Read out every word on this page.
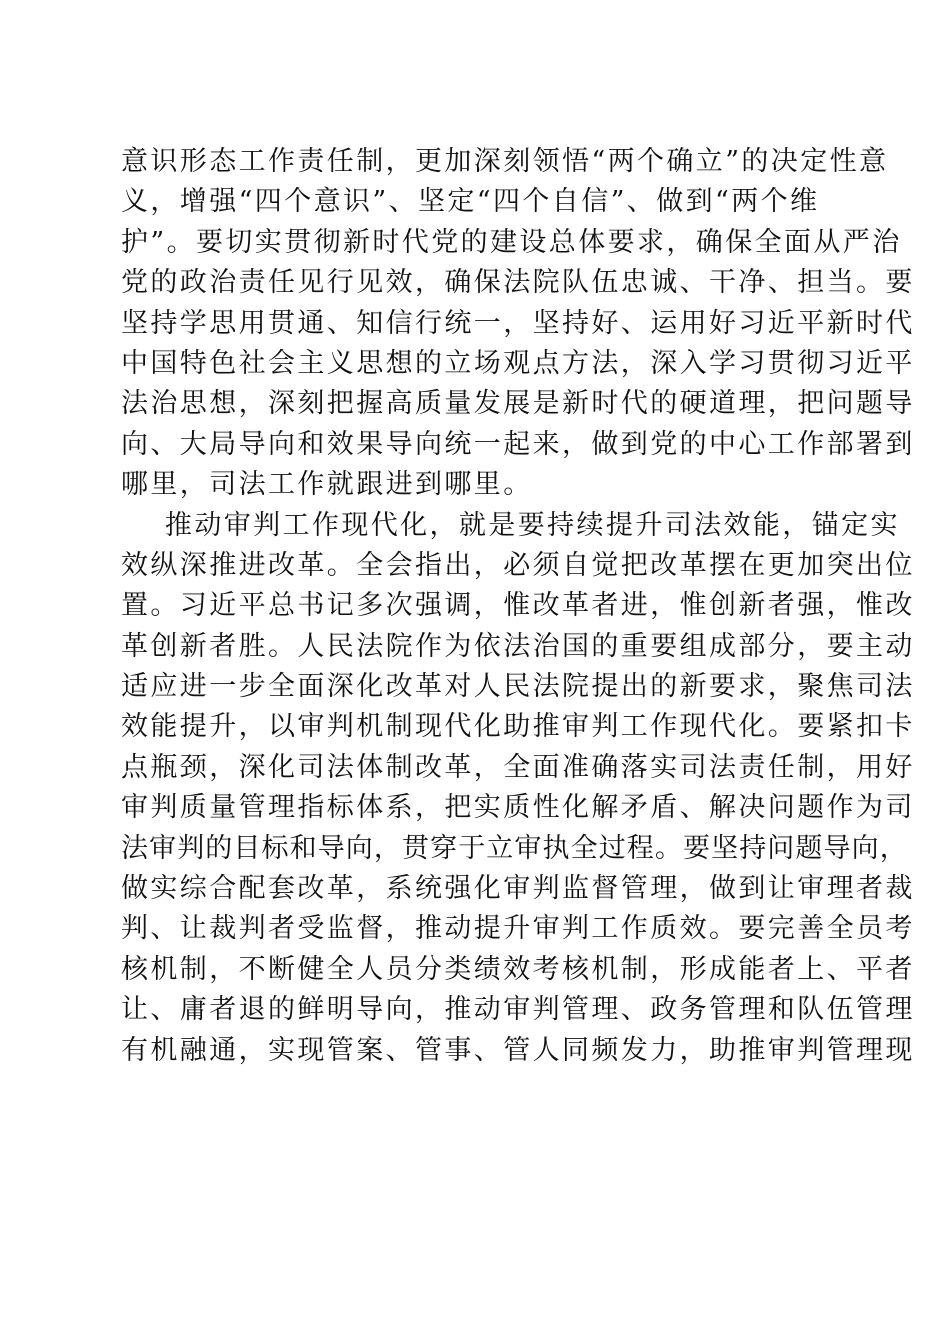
意识形态工作责任制，更加深刻领悟“两个确立”的决定性意
义，增强“四个意识”、坚定“四个自信”、做到“两个维
护”。要切实贯彻新时代党的建设总体要求，确保全面从严治
党的政治责任见行见效，确保法院队伍忠诚、干净、担当。要
坚持学思用贯通、知信行统一，坚持好、运用好习近平新时代
中国特色社会主义思想的立场观点方法，深入学习贯彻习近平
法治思想，深刻把握高质量发展是新时代的硬道理，把问题导
向、大局导向和效果导向统一起来，做到党的中心工作部署到
哪里，司法工作就跟进到哪里。
推动审判工作现代化，就是要持续提升司法效能，锚定实
效纵深推进改革。全会指出，必须自觉把改革摆在更加突出位
置。习近平总书记多次强调，惟改革者进，惟创新者强，惟改
革创新者胜。人民法院作为依法治国的重要组成部分，要主动
适应进一步全面深化改革对人民法院提出的新要求，聚焦司法
效能提升，以审判机制现代化助推审判工作现代化。要紧扣卡
点瓶颈，深化司法体制改革，全面准确落实司法责任制，用好
审判质量管理指标体系，把实质性化解矛盾、解决问题作为司
法审判的目标和导向，贯穿于立审执全过程。要坚持问题导向，
做实综合配套改革，系统强化审判监督管理，做到让审理者裁
判、让裁判者受监督，推动提升审判工作质效。要完善全员考
核机制，不断健全人员分类绩效考核机制，形成能者上、平者
让、庸者退的鲜明导向，推动审判管理、政务管理和队伍管理
有机融通，实现管案、管事、管人同频发力，助推审判管理现
